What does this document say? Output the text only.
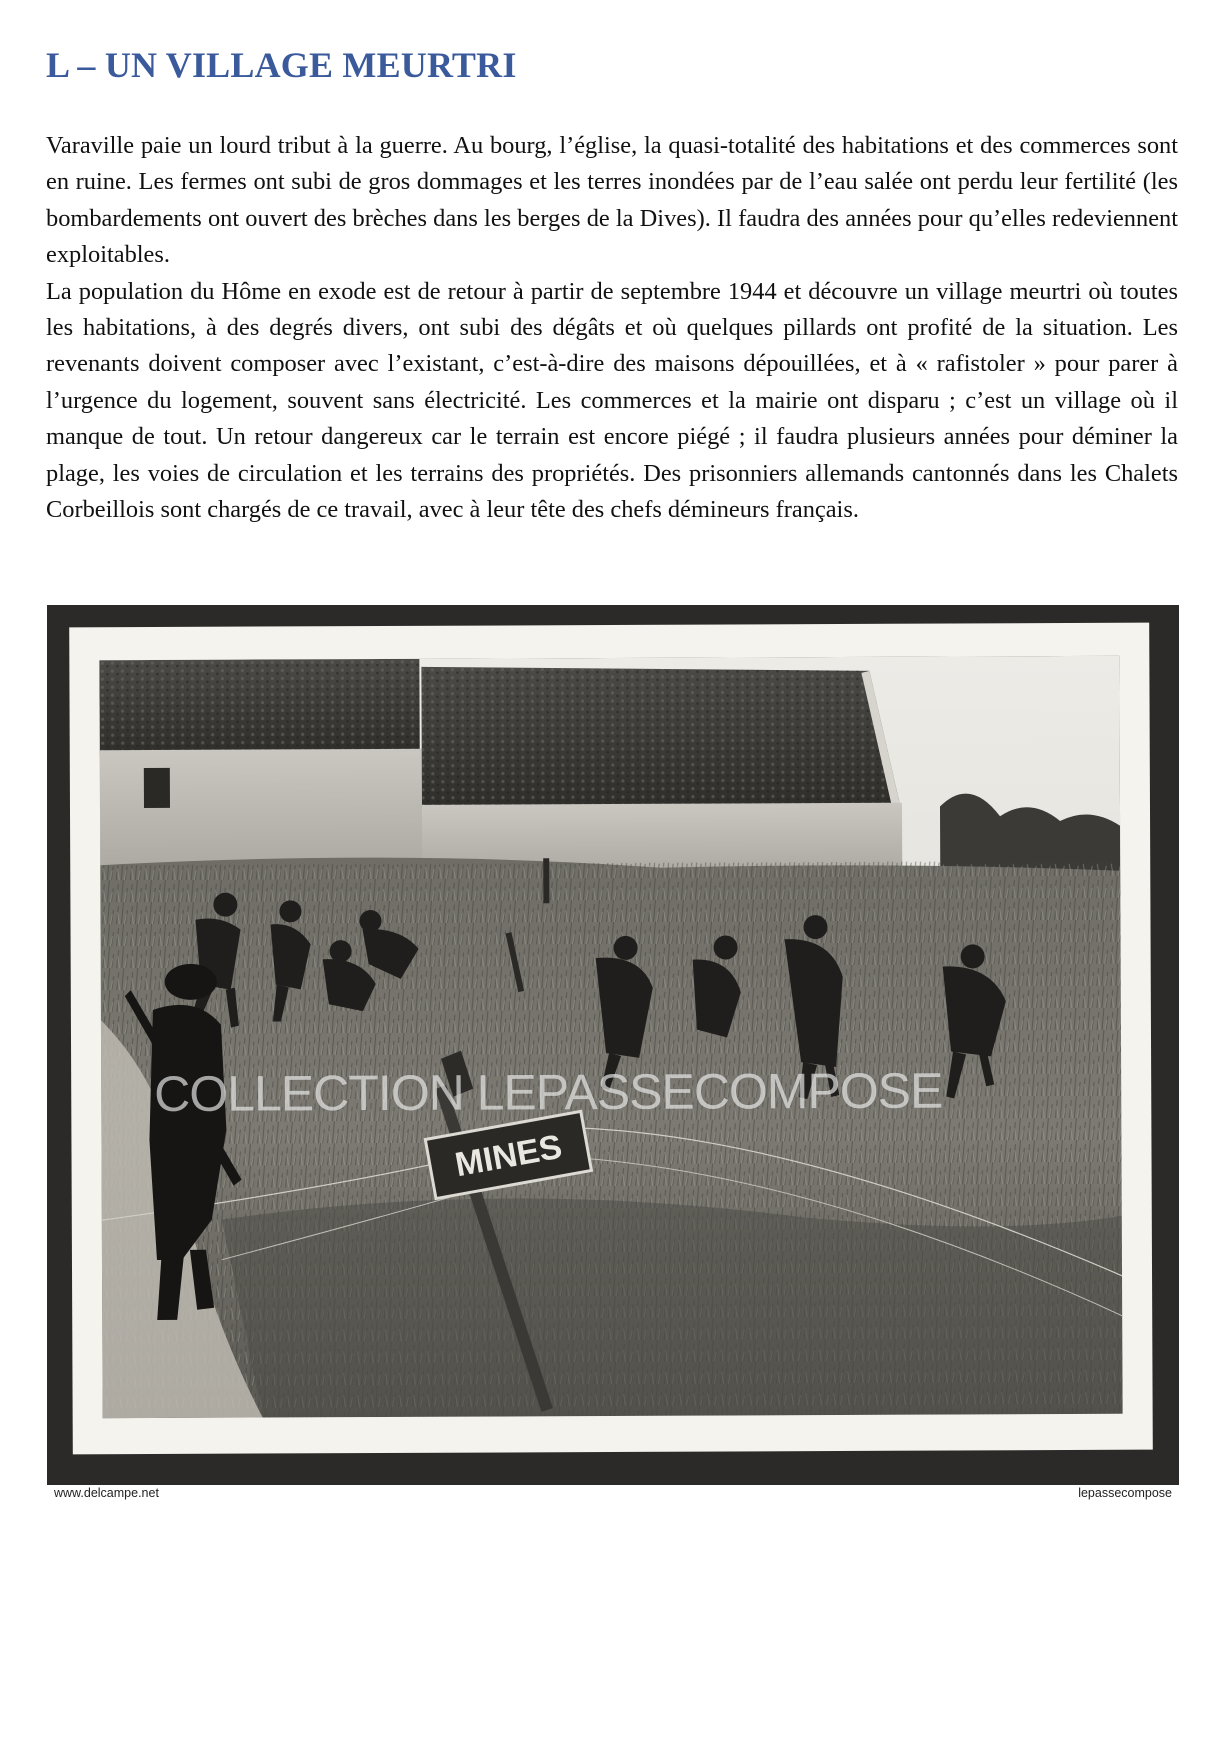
L – UN VILLAGE MEURTRI

Varaville paie un lourd tribut à la guerre. Au bourg, l’église, la quasi-totalité des habitations et des commerces sont en ruine. Les fermes ont subi de gros dommages et les terres inondées par de l’eau salée ont perdu leur fertilité (les bombardements ont ouvert des brèches dans les berges de la Dives). Il faudra des années pour qu’elles redeviennent exploitables.

La population du Hôme en exode est de retour à partir de septembre 1944 et découvre un village meurtri où toutes les habitations, à des degrés divers, ont subi des dégâts et où quelques pillards ont profité de la situation. Les revenants doivent composer avec l’existant, c’est-à-dire des maisons dépouillées, et à « rafistoler » pour parer à l’urgence du logement, souvent sans électricité. Les commerces et la mairie ont disparu ; c’est un village où il manque de tout. Un retour dangereux car le terrain est encore piégé ; il faudra plusieurs années pour déminer la plage, les voies de circulation et les terrains des propriétés. Des prisonniers allemands cantonnés dans les Chalets Corbeillois sont chargés de ce travail, avec à leur tête des chefs démineurs français.

MINES
COLLECTION LEPASSECOMPOSE
www.delcampe.net	lepassecompose
